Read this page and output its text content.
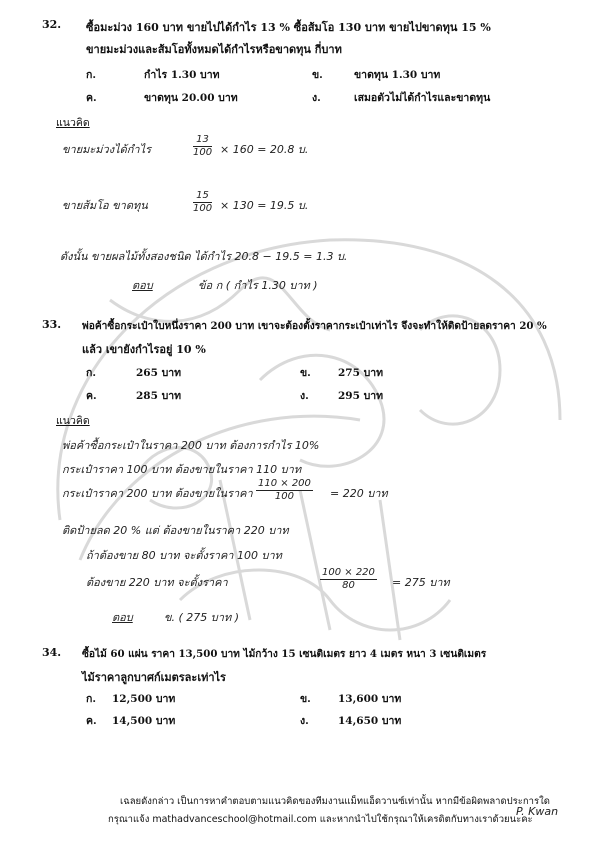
32. ซื้อมะม่วง 160 บาท ขายไปได้กำไร 13 % ซื้อส้มโอ 130 บาท ขายไปขาดทุน 15 %
ขายมะม่วงและส้มโอทั้งหมดได้กำไรหรือขาดทุน กี่บาท
ก.	กำไร 1.30 บาท	ข.	ขาดทุน 1.30 บาท
ค.	ขาดทุน 20.00 บาท	ง.	เสมอตัวไม่ได้กำไรและขาดทุน
แนวคิด
ขายมะม่วงได้กำไร	$\frac{13}{100} \times 160 = 20.8$ บ.
ขายส้มโอ ขาดทุน	$\frac{15}{100} \times 130 = 19.5$ บ.
ดังนั้น ขายผลไม้ทั้งสองชนิด ได้กำไร 20.8 − 19.5 = 1.3 บ.
ตอบ	ข้อ ก ( กำไร 1.30 บาท )
33. พ่อค้าซื้อกระเป๋าใบหนึ่งราคา 200 บาท เขาจะต้องตั้งราคากระเป๋าเท่าไร จึงจะทำให้ติดป้ายลดราคา 20 %
แล้ว เขายังกำไรอยู่ 10 %
ก.	265 บาท	ข.	275 บาท
ค.	285 บาท	ง.	295 บาท
แนวคิด
พ่อค้าซื้อกระเป๋าในราคา 200 บาท ต้องการกำไร 10%
กระเป๋าราคา 100 บาท ต้องขายในราคา 110 บาท
กระเป๋าราคา 200 บาท ต้องขายในราคา $\frac{110 \times 200}{100} = 220$ บาท
ติดป้ายลด 20 % แต่ ต้องขายในราคา 220 บาท
ถ้าต้องขาย 80 บาท จะตั้งราคา 100 บาท
ต้องขาย 220 บาท จะตั้งราคา	$\frac{100 \times 220}{80} = 275$ บาท
ตอบ	ข. ( 275 บาท )
34. ซื้อไม้ 60 แผ่น ราคา 13,500 บาท ไม้กว้าง 15 เซนติเมตร ยาว 4 เมตร หนา 3 เซนติเมตร
ไม้ราคาลูกบาศก์เมตรละเท่าไร
ก. 12,500 บาท	ข.	13,600 บาท
ค. 14,500 บาท	ง.	14,650 บาท
เฉลยดังกล่าว เป็นการหาคำตอบตามแนวคิดของทีมงานแม็ทแอ็ดวานซ์เท่านั้น หากมีข้อผิดพลาดประการใด
กรุณาแจ้ง mathadvanceschool@hotmail.com และหากนำไปใช้กรุณาให้เครดิตกับทางเราด้วยนะคะ
P. Kwan
